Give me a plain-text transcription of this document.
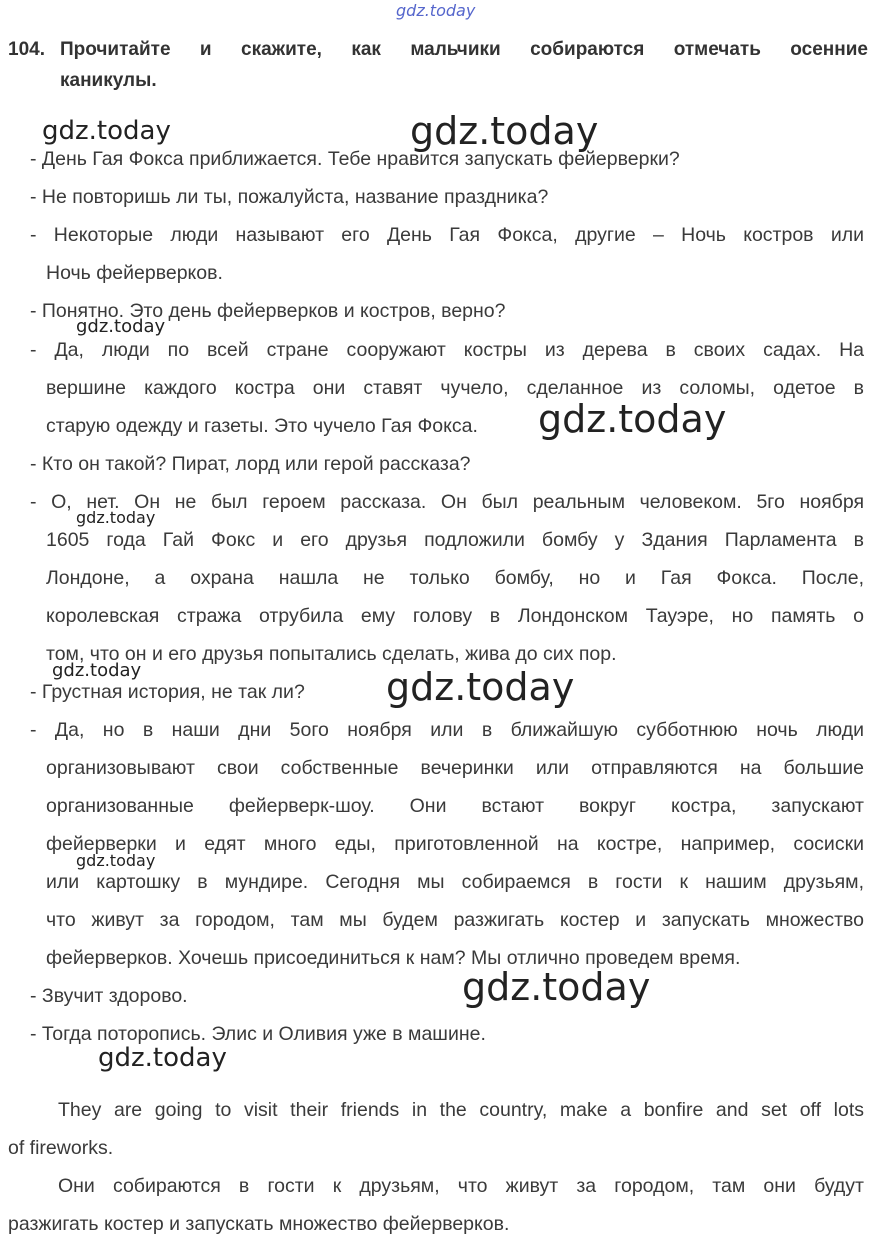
gdz.today
gdz.today	gdz.today
gdz.today
gdz.today
gdz.today
gdz.today	gdz.today
gdz.today
gdz.today
gdz.today
104. Прочитайте и скажите, как мальчики собираются отмечать осенние
каникулы.
- День Гая Фокса приближается. Тебе нравится запускать фейерверки?
- Не повторишь ли ты, пожалуйста, название праздника?
- Некоторые люди называют его День Гая Фокса, другие – Ночь костров или
Ночь фейерверков.
- Понятно. Это день фейерверков и костров, верно?
- Да, люди по всей стране сооружают костры из дерева в своих садах. На
вершине каждого костра они ставят чучело, сделанное из соломы, одетое в
старую одежду и газеты. Это чучело Гая Фокса.
- Кто он такой? Пират, лорд или герой рассказа?
- О, нет. Он не был героем рассказа. Он был реальным человеком. 5го ноября
1605 года Гай Фокс и его друзья подложили бомбу у Здания Парламента в
Лондоне, а охрана нашла не только бомбу, но и Гая Фокса. После,
королевская стража отрубила ему голову в Лондонском Тауэре, но память о
том, что он и его друзья попытались сделать, жива до сих пор.
- Грустная история, не так ли?
- Да, но в наши дни 5ого ноября или в ближайшую субботнюю ночь люди
организовывают свои собственные вечеринки или отправляются на большие
организованные фейерверк-шоу. Они встают вокруг костра, запускают
фейерверки и едят много еды, приготовленной на костре, например, сосиски
или картошку в мундире. Сегодня мы собираемся в гости к нашим друзьям,
что живут за городом, там мы будем разжигать костер и запускать множество
фейерверков. Хочешь присоединиться к нам? Мы отлично проведем время.
- Звучит здорово.
- Тогда поторопись. Элис и Оливия уже в машине.
They are going to visit their friends in the country, make a bonfire and set off lots
of fireworks.
Они собираются в гости к друзьям, что живут за городом, там они будут
разжигать костер и запускать множество фейерверков.
